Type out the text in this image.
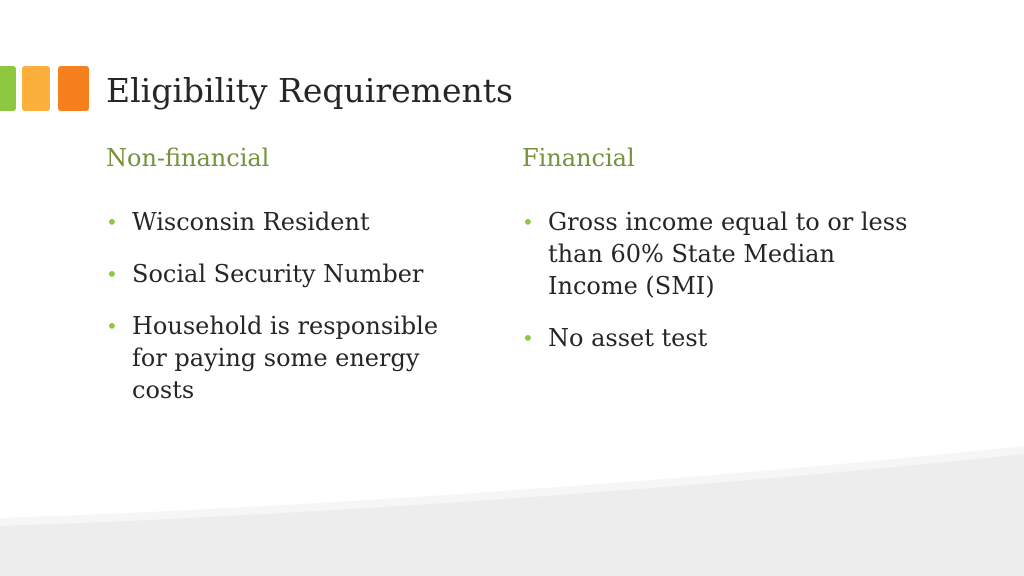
Eligibility Requirements
Non-financial	Financial
• Wisconsin Resident
• Social Security Number
• Household is responsible for paying some energy costs
• Gross income equal to or less than 60% State Median Income (SMI)
• No asset test
